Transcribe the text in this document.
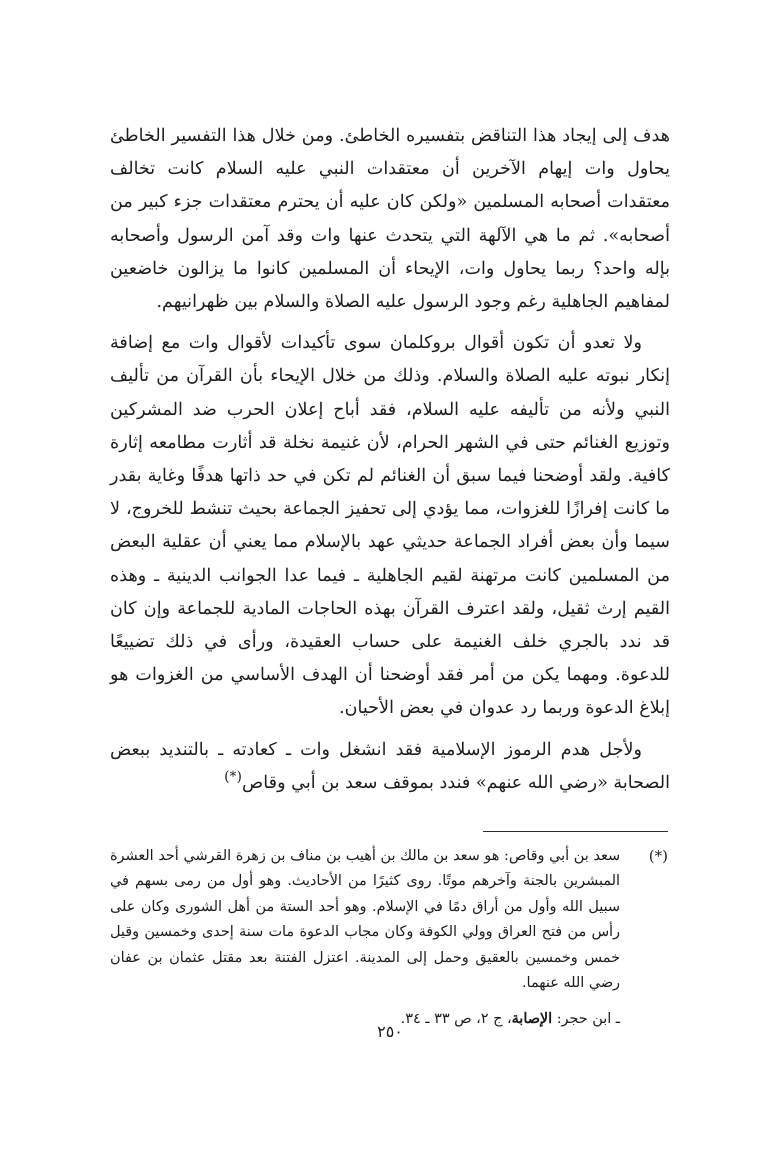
هدف إلى إيجاد هذا التناقض بتفسيره الخاطئ. ومن خلال هذا التفسير الخاطئ يحاول وات إيهام الآخرين أن معتقدات النبي عليه السلام كانت تخالف معتقدات أصحابه المسلمين «ولكن كان عليه أن يحترم معتقدات جزء كبير من أصحابه». ثم ما هي الآلهة التي يتحدث عنها وات وقد آمن الرسول وأصحابه بإله واحد؟ ربما يحاول وات، الإيحاء أن المسلمين كانوا ما يزالون خاضعين لمفاهيم الجاهلية رغم وجود الرسول عليه الصلاة والسلام بين ظهرانيهم.

ولا تعدو أن تكون أقوال بروكلمان سوى تأكيدات لأقوال وات مع إضافة إنكار نبوته عليه الصلاة والسلام. وذلك من خلال الإيحاء بأن القرآن من تأليف النبي ولأنه من تأليفه عليه السلام، فقد أباح إعلان الحرب ضد المشركين وتوزيع الغنائم حتى في الشهر الحرام، لأن غنيمة نخلة قد أثارت مطامعه إثارة كافية. ولقد أوضحنا فيما سبق أن الغنائم لم تكن في حد ذاتها هدفًا وغاية بقدر ما كانت إفرازًا للغزوات، مما يؤدي إلى تحفيز الجماعة بحيث تنشط للخروج، لا سيما وأن بعض أفراد الجماعة حديثي عهد بالإسلام مما يعني أن عقلية البعض من المسلمين كانت مرتهنة لقيم الجاهلية ـ فيما عدا الجوانب الدينية ـ وهذه القيم إرث ثقيل، ولقد اعترف القرآن بهذه الحاجات المادية للجماعة وإن كان قد ندد بالجري خلف الغنيمة على حساب العقيدة، ورأى في ذلك تضييعًا للدعوة. ومهما يكن من أمر فقد أوضحنا أن الهدف الأساسي من الغزوات هو إبلاغ الدعوة وربما رد عدوان في بعض الأحيان.

ولأجل هدم الرموز الإسلامية فقد انشغل وات ـ كعادته ـ بالتنديد ببعض الصحابة «رضي الله عنهم» فندد بموقف سعد بن أبي وقاص(*)

(*)

سعد بن أبي وقاص: هو سعد بن مالك بن أهيب بن مناف بن زهرة القرشي أحد العشرة المبشرين بالجنة وآخرهم موتًا. روى كثيرًا من الأحاديث. وهو أول من رمى بسهم في سبيل الله وأول من أراق دمًا في الإسلام. وهو أحد الستة من أهل الشورى وكان على رأس من فتح العراق وولي الكوفة وكان مجاب الدعوة مات سنة إحدى وخمسين وقيل خمس وخمسين بالعقيق وحمل إلى المدينة. اعتزل الفتنة بعد مقتل عثمان بن عفان رضي الله عنهما.

ـ ابن حجر: الإصابة، ج ٢، ص ٣٣ ـ ٣٤.

٢٥٠
